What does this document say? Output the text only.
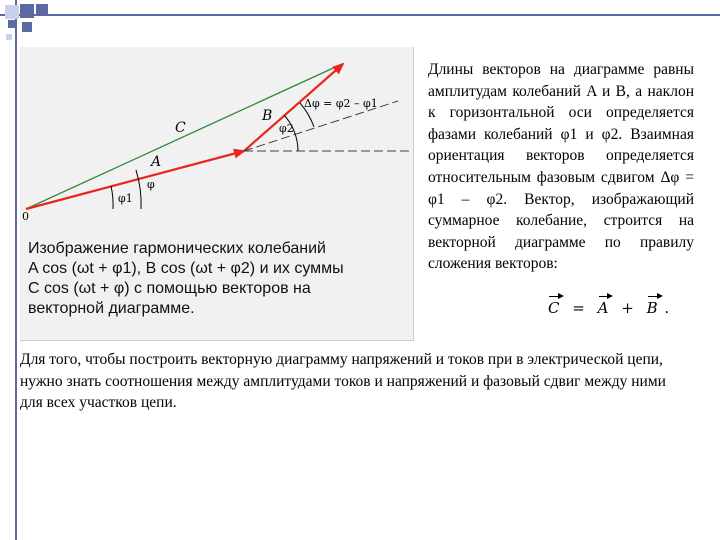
0
C
A
B
φ1
φ
φ2
Δφ = φ2 – φ1
Изображение гармонических колебаний
A cos (ωt + φ1), B cos (ωt + φ2) и их суммы
C cos (ωt + φ) с помощью векторов на
векторной диаграмме.

Длины векторов на диаграмме равны амплитудам колебаний A и B, а наклон к горизонтальной оси определяется фазами колебаний φ1 и φ2. Взаимная ориентация векторов определяется относительным фазовым сдвигом Δφ = φ1 – φ2. Вектор, изображающий суммарное колебание, строится на векторной диаграмме по правилу сложения векторов:

C = A + B .

Для того, чтобы построить векторную диаграмму напряжений и токов при в электрической цепи, нужно знать соотношения между амплитудами токов и напряжений и фазовый сдвиг между ними для всех участков цепи.
